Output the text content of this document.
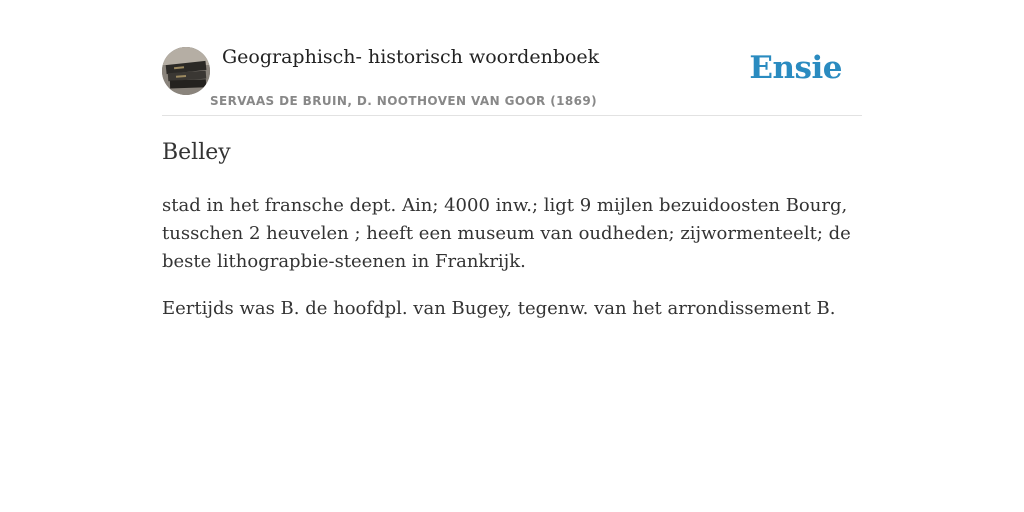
Geographisch- historisch woordenboek
SERVAAS DE BRUIN, D. NOOTHOVEN VAN GOOR (1869)
Ensie
Belley

stad in het fransche dept. Ain; 4000 inw.; ligt 9 mijlen bezuidoosten Bourg, tusschen 2 heuvelen ; heeft een museum van oudheden; zijwormenteelt; de beste lithograpbie-steenen in Frankrijk.

Eertijds was B. de hoofdpl. van Bugey, tegenw. van het arrondissement B.
